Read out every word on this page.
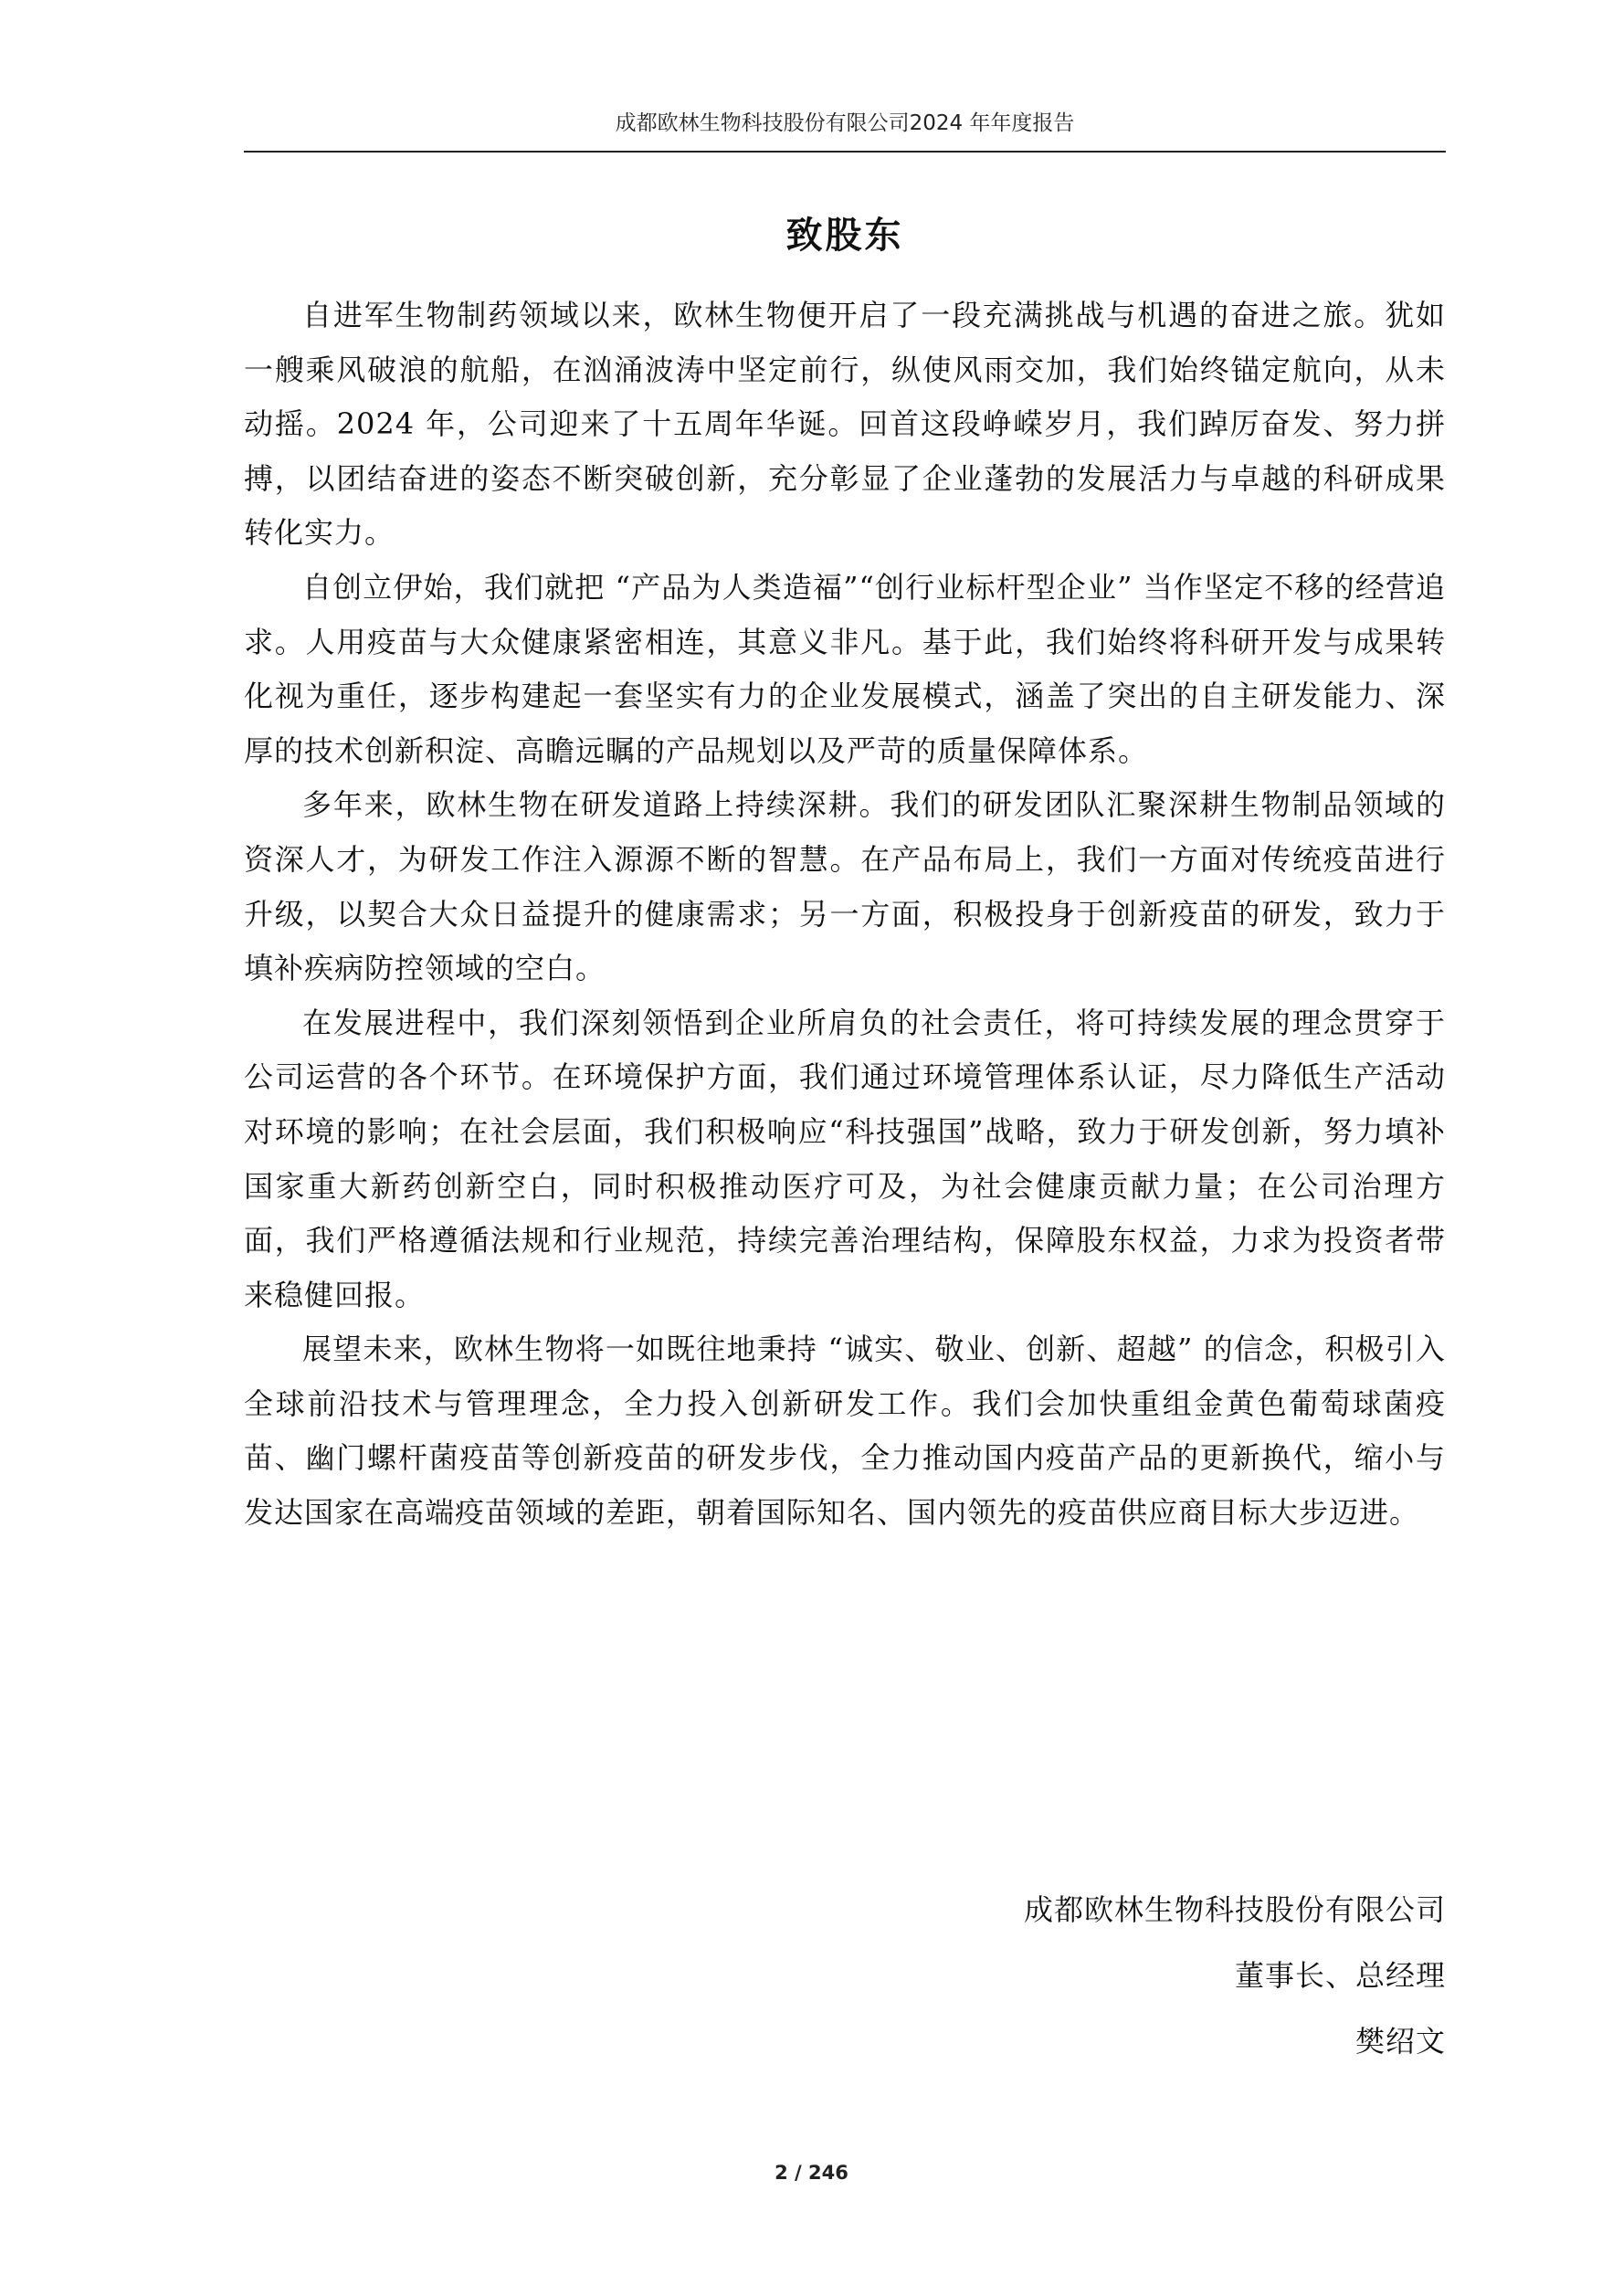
成都欧林生物科技股份有限公司2024 年年度报告
致股东

自进军生物制药领域以来，欧林生物便开启了一段充满挑战与机遇的奋进之旅。犹如一艘乘风破浪的航船，在汹涌波涛中坚定前行，纵使风雨交加，我们始终锚定航向，从未动摇。2024 年，公司迎来了十五周年华诞。回首这段峥嵘岁月，我们踔厉奋发、努力拼搏，以团结奋进的姿态不断突破创新，充分彰显了企业蓬勃的发展活力与卓越的科研成果转化实力。

自创立伊始，我们就把 “产品为人类造福”“创行业标杆型企业” 当作坚定不移的经营追求。人用疫苗与大众健康紧密相连，其意义非凡。基于此，我们始终将科研开发与成果转化视为重任，逐步构建起一套坚实有力的企业发展模式，涵盖了突出的自主研发能力、深厚的技术创新积淀、高瞻远瞩的产品规划以及严苛的质量保障体系。

多年来，欧林生物在研发道路上持续深耕。我们的研发团队汇聚深耕生物制品领域的资深人才，为研发工作注入源源不断的智慧。在产品布局上，我们一方面对传统疫苗进行升级，以契合大众日益提升的健康需求；另一方面，积极投身于创新疫苗的研发，致力于填补疾病防控领域的空白。

在发展进程中，我们深刻领悟到企业所肩负的社会责任，将可持续发展的理念贯穿于公司运营的各个环节。在环境保护方面，我们通过环境管理体系认证，尽力降低生产活动对环境的影响；在社会层面，我们积极响应“科技强国”战略，致力于研发创新，努力填补国家重大新药创新空白，同时积极推动医疗可及，为社会健康贡献力量；在公司治理方面，我们严格遵循法规和行业规范，持续完善治理结构，保障股东权益，力求为投资者带来稳健回报。

展望未来，欧林生物将一如既往地秉持 “诚实、敬业、创新、超越” 的信念，积极引入全球前沿技术与管理理念，全力投入创新研发工作。我们会加快重组金黄色葡萄球菌疫苗、幽门螺杆菌疫苗等创新疫苗的研发步伐，全力推动国内疫苗产品的更新换代，缩小与发达国家在高端疫苗领域的差距，朝着国际知名、国内领先的疫苗供应商目标大步迈进。

成都欧林生物科技股份有限公司
董事长、总经理
樊绍文
2 / 246
